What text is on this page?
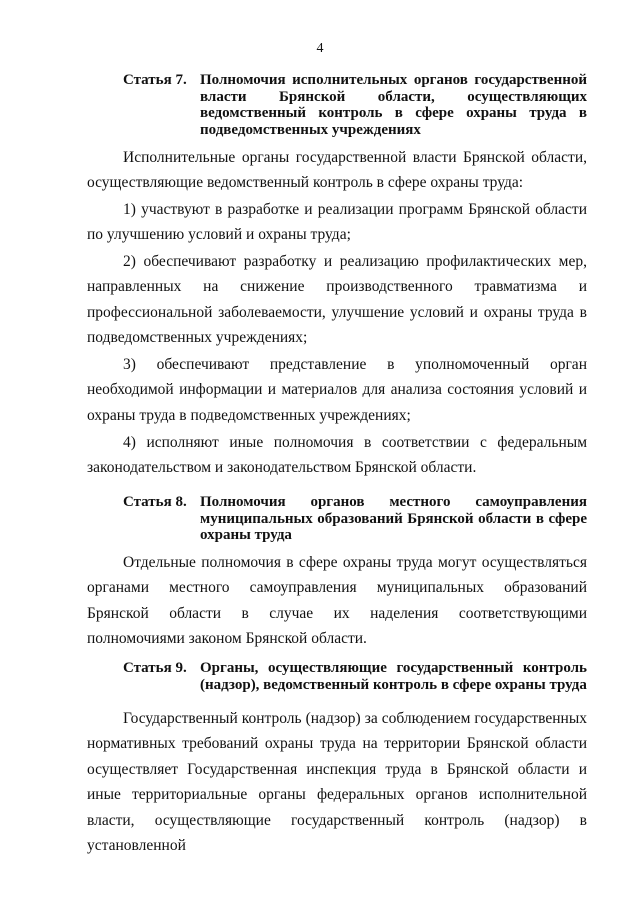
4
Статья 7. Полномочия исполнительных органов государственной власти Брянской области, осуществляющих ведомственный контроль в сфере охраны труда в подведомственных учреждениях

Исполнительные органы государственной власти Брянской области, осуществляющие ведомственный контроль в сфере охраны труда:

1) участвуют в разработке и реализации программ Брянской области по улучшению условий и охраны труда;

2) обеспечивают разработку и реализацию профилактических мер, направленных на снижение производственного травматизма и профессиональной заболеваемости, улучшение условий и охраны труда в подведомственных учреждениях;

3) обеспечивают представление в уполномоченный орган необходимой информации и материалов для анализа состояния условий и охраны труда в подведомственных учреждениях;

4) исполняют иные полномочия в соответствии с федеральным законодательством и законодательством Брянской области.

Статья 8. Полномочия органов местного самоуправления муниципальных образований Брянской области в сфере охраны труда

Отдельные полномочия в сфере охраны труда могут осуществляться органами местного самоуправления муниципальных образований Брянской области в случае их наделения соответствующими полномочиями законом Брянской области.

Статья 9. Органы, осуществляющие государственный контроль (надзор), ведомственный контроль в сфере охраны труда

Государственный контроль (надзор) за соблюдением государственных нормативных требований охраны труда на территории Брянской области осуществляет Государственная инспекция труда в Брянской области и иные территориальные органы федеральных органов исполнительной власти, осуществляющие государственный контроль (надзор) в установленной
